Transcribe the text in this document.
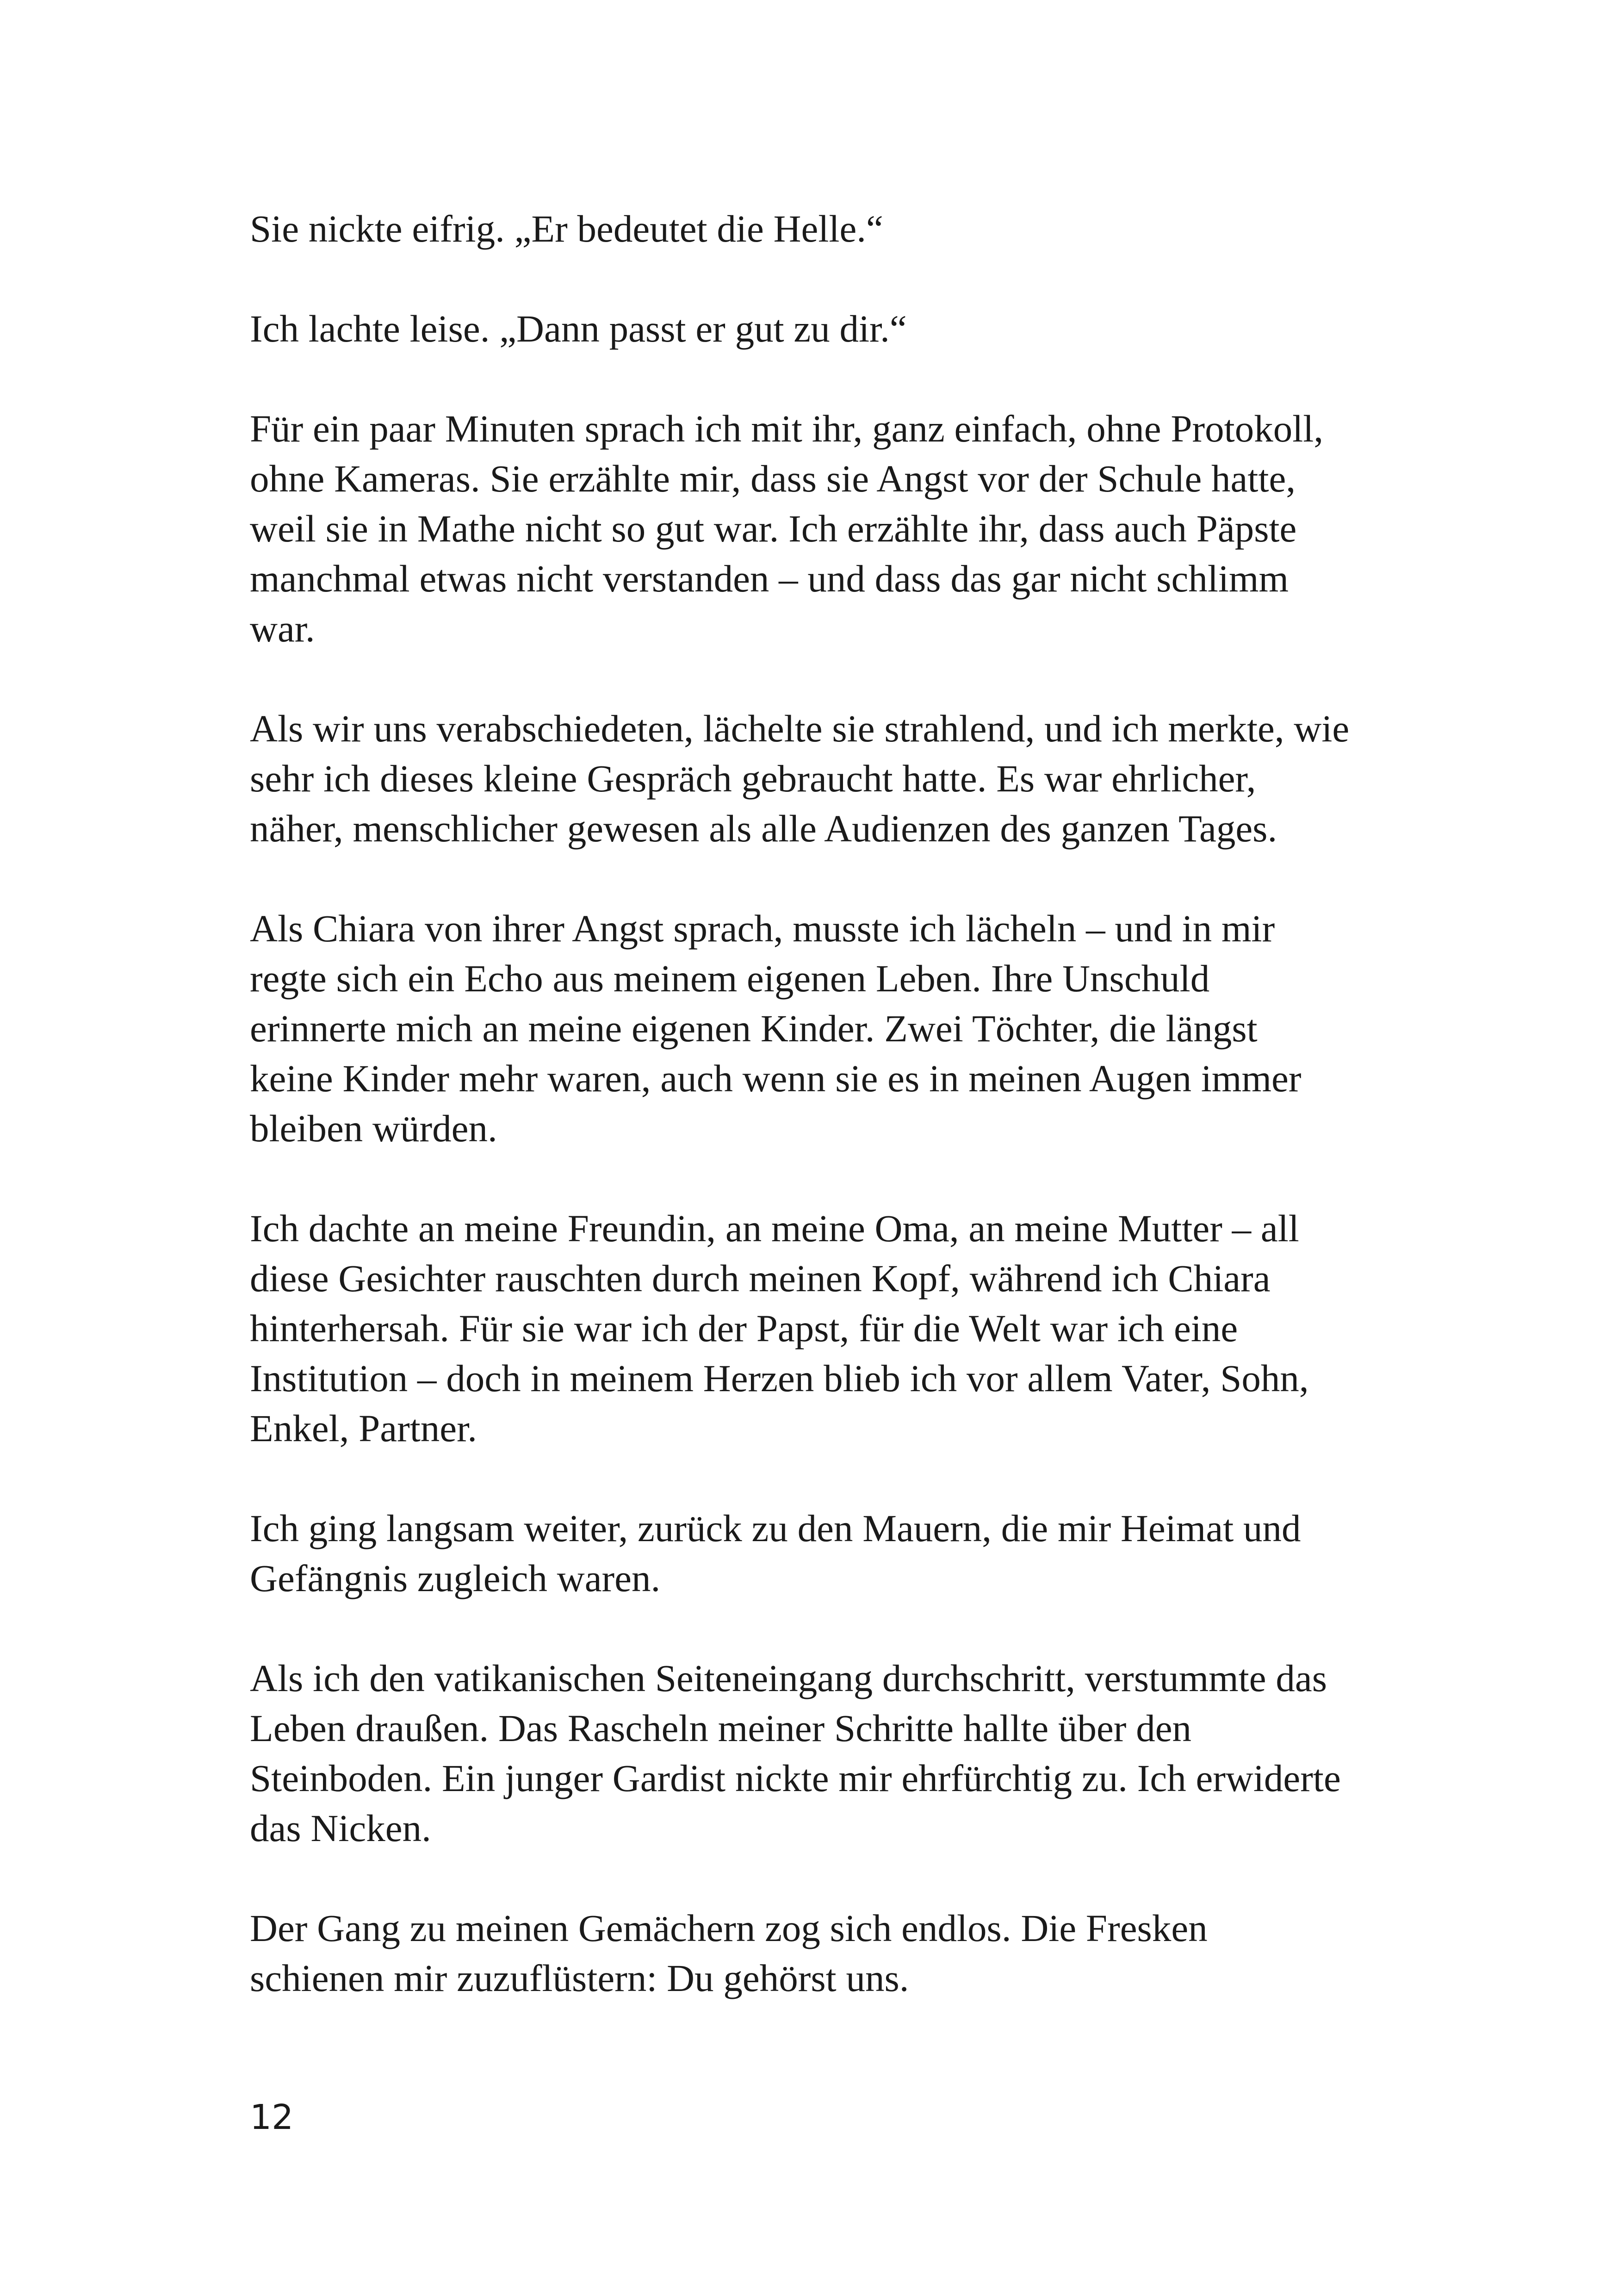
Sie nickte eifrig. „Er bedeutet die Helle.“

Ich lachte leise. „Dann passt er gut zu dir.“

Für ein paar Minuten sprach ich mit ihr, ganz einfach, ohne Protokoll,
ohne Kameras. Sie erzählte mir, dass sie Angst vor der Schule hatte,
weil sie in Mathe nicht so gut war. Ich erzählte ihr, dass auch Päpste
manchmal etwas nicht verstanden – und dass das gar nicht schlimm
war.

Als wir uns verabschiedeten, lächelte sie strahlend, und ich merkte, wie
sehr ich dieses kleine Gespräch gebraucht hatte. Es war ehrlicher,
näher, menschlicher gewesen als alle Audienzen des ganzen Tages.

Als Chiara von ihrer Angst sprach, musste ich lächeln – und in mir
regte sich ein Echo aus meinem eigenen Leben. Ihre Unschuld
erinnerte mich an meine eigenen Kinder. Zwei Töchter, die längst
keine Kinder mehr waren, auch wenn sie es in meinen Augen immer
bleiben würden.

Ich dachte an meine Freundin, an meine Oma, an meine Mutter – all
diese Gesichter rauschten durch meinen Kopf, während ich Chiara
hinterhersah. Für sie war ich der Papst, für die Welt war ich eine
Institution – doch in meinem Herzen blieb ich vor allem Vater, Sohn,
Enkel, Partner.

Ich ging langsam weiter, zurück zu den Mauern, die mir Heimat und
Gefängnis zugleich waren.

Als ich den vatikanischen Seiteneingang durchschritt, verstummte das
Leben draußen. Das Rascheln meiner Schritte hallte über den
Steinboden. Ein junger Gardist nickte mir ehrfürchtig zu. Ich erwiderte
das Nicken.

Der Gang zu meinen Gemächern zog sich endlos. Die Fresken
schienen mir zuzuflüstern: Du gehörst uns.

12
